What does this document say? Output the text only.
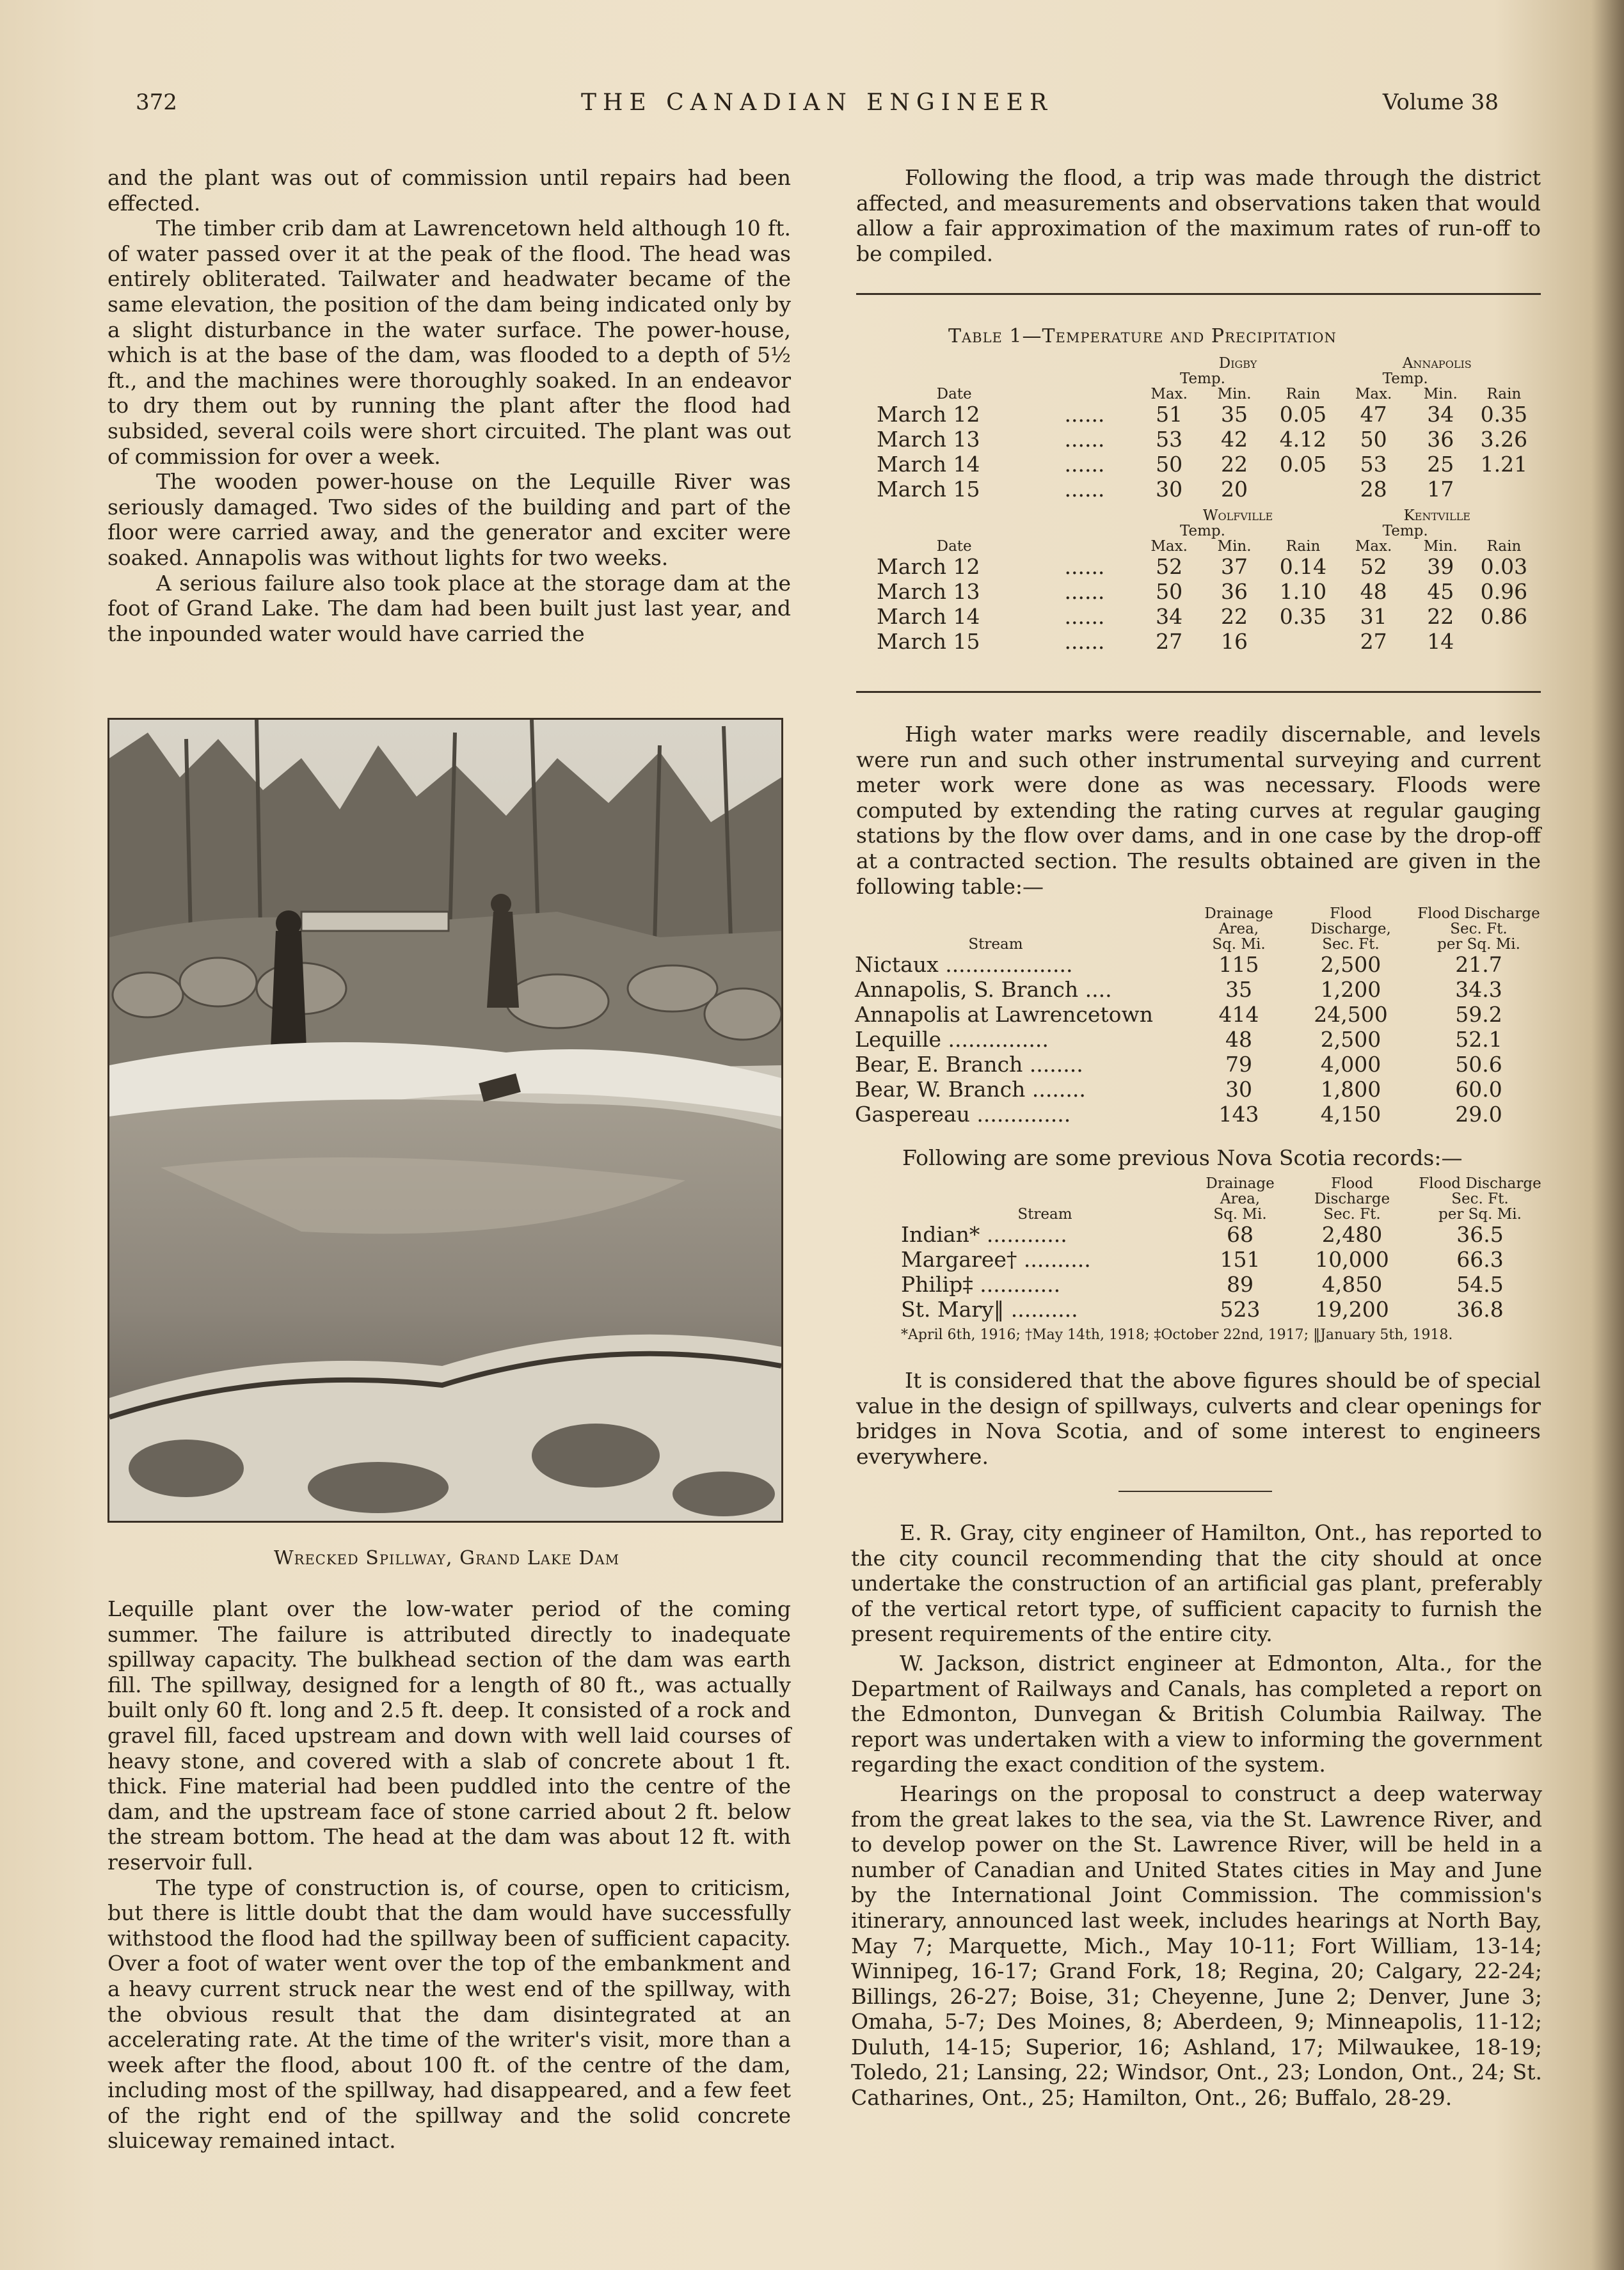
372	THE CANADIAN ENGINEER	Volume 38

and the plant was out of commission until repairs had been effected.

The timber crib dam at Lawrencetown held although 10 ft. of water passed over it at the peak of the flood. The head was entirely obliterated. Tailwater and headwater became of the same elevation, the position of the dam being indicated only by a slight disturbance in the water surface. The power-house, which is at the base of the dam, was flooded to a depth of 5½ ft., and the machines were thoroughly soaked. In an endeavor to dry them out by running the plant after the flood had subsided, several coils were short circuited. The plant was out of commission for over a week.

The wooden power-house on the Lequille River was seriously damaged. Two sides of the building and part of the floor were carried away, and the generator and exciter were soaked. Annapolis was without lights for two weeks.

A serious failure also took place at the storage dam at the foot of Grand Lake. The dam had been built just last year, and the inpounded water would have carried the

Wrecked Spillway, Grand Lake Dam

Lequille plant over the low-water period of the coming summer. The failure is attributed directly to inadequate spillway capacity. The bulkhead section of the dam was earth fill. The spillway, designed for a length of 80 ft., was actually built only 60 ft. long and 2.5 ft. deep. It consisted of a rock and gravel fill, faced upstream and down with well laid courses of heavy stone, and covered with a slab of concrete about 1 ft. thick. Fine material had been puddled into the centre of the dam, and the upstream face of stone carried about 2 ft. below the stream bottom. The head at the dam was about 12 ft. with reservoir full.

The type of construction is, of course, open to criticism, but there is little doubt that the dam would have successfully withstood the flood had the spillway been of sufficient capacity. Over a foot of water went over the top of the embankment and a heavy current struck near the west end of the spillway, with the obvious result that the dam disintegrated at an accelerating rate. At the time of the writer's visit, more than a week after the flood, about 100 ft. of the centre of the dam, including most of the spillway, had disappeared, and a few feet of the right end of the spillway and the solid concrete sluiceway remained intact.

Following the flood, a trip was made through the district affected, and measurements and observations taken that would allow a fair approximation of the maximum rates of run-off to be compiled.

Table 1—Temperature and Precipitation
		Digby			Annapolis		
		Temp.			Temp.		
Date		Max.	Min.	Rain	Max.	Min.	Rain
March 12	......	51	35	0.05	47	34	0.35
March 13	......	53	42	4.12	50	36	3.26
March 14	......	50	22	0.05	53	25	1.21
March 15	......	30	20		28	17	
		Wolfville			Kentville		
		Temp.			Temp.		
Date		Max.	Min.	Rain	Max.	Min.	Rain
March 12	......	52	37	0.14	52	39	0.03
March 13	......	50	36	1.10	48	45	0.96
March 14	......	34	22	0.35	31	22	0.86
March 15	......	27	16		27	14	

High water marks were readily discernable, and levels were run and such other instrumental surveying and current meter work were done as was necessary. Floods were computed by extending the rating curves at regular gauging stations by the flow over dams, and in one case by the drop-off at a contracted section. The results obtained are given in the following table:—

	Drainage	Flood	Flood Discharge
	Area,	Discharge,	Sec. Ft.
Stream	Sq. Mi.	Sec. Ft.	per Sq. Mi.
Nictaux ...................	115	2,500	21.7
Annapolis, S. Branch ....	35	1,200	34.3
Annapolis at Lawrencetown	414	24,500	59.2
Lequille ...............	48	2,500	52.1
Bear, E. Branch ........	79	4,000	50.6
Bear, W. Branch ........	30	1,800	60.0
Gaspereau ..............	143	4,150	29.0

Following are some previous Nova Scotia records:—

	Drainage	Flood	Flood Discharge
	Area,	Discharge	Sec. Ft.
Stream	Sq. Mi.	Sec. Ft.	per Sq. Mi.
Indian* ............	68	2,480	36.5
Margaree† ..........	151	10,000	66.3
Philip‡ ............	89	4,850	54.5
St. Mary‖ ..........	523	19,200	36.8
*April 6th, 1916; †May 14th, 1918; ‡October 22nd, 1917; ‖January 5th, 1918.

It is considered that the above figures should be of special value in the design of spillways, culverts and clear openings for bridges in Nova Scotia, and of some interest to engineers everywhere.

E. R. Gray, city engineer of Hamilton, Ont., has reported to the city council recommending that the city should at once undertake the construction of an artificial gas plant, preferably of the vertical retort type, of sufficient capacity to furnish the present requirements of the entire city.

W. Jackson, district engineer at Edmonton, Alta., for the Department of Railways and Canals, has completed a report on the Edmonton, Dunvegan & British Columbia Railway. The report was undertaken with a view to informing the government regarding the exact condition of the system.

Hearings on the proposal to construct a deep waterway from the great lakes to the sea, via the St. Lawrence River, and to develop power on the St. Lawrence River, will be held in a number of Canadian and United States cities in May and June by the International Joint Commission. The commission's itinerary, announced last week, includes hearings at North Bay, May 7; Marquette, Mich., May 10-11; Fort William, 13-14; Winnipeg, 16-17; Grand Fork, 18; Regina, 20; Calgary, 22-24; Billings, 26-27; Boise, 31; Cheyenne, June 2; Denver, June 3; Omaha, 5-7; Des Moines, 8; Aberdeen, 9; Minneapolis, 11-12; Duluth, 14-15; Superior, 16; Ashland, 17; Milwaukee, 18-19; Toledo, 21; Lansing, 22; Windsor, Ont., 23; London, Ont., 24; St. Catharines, Ont., 25; Hamilton, Ont., 26; Buffalo, 28-29.
